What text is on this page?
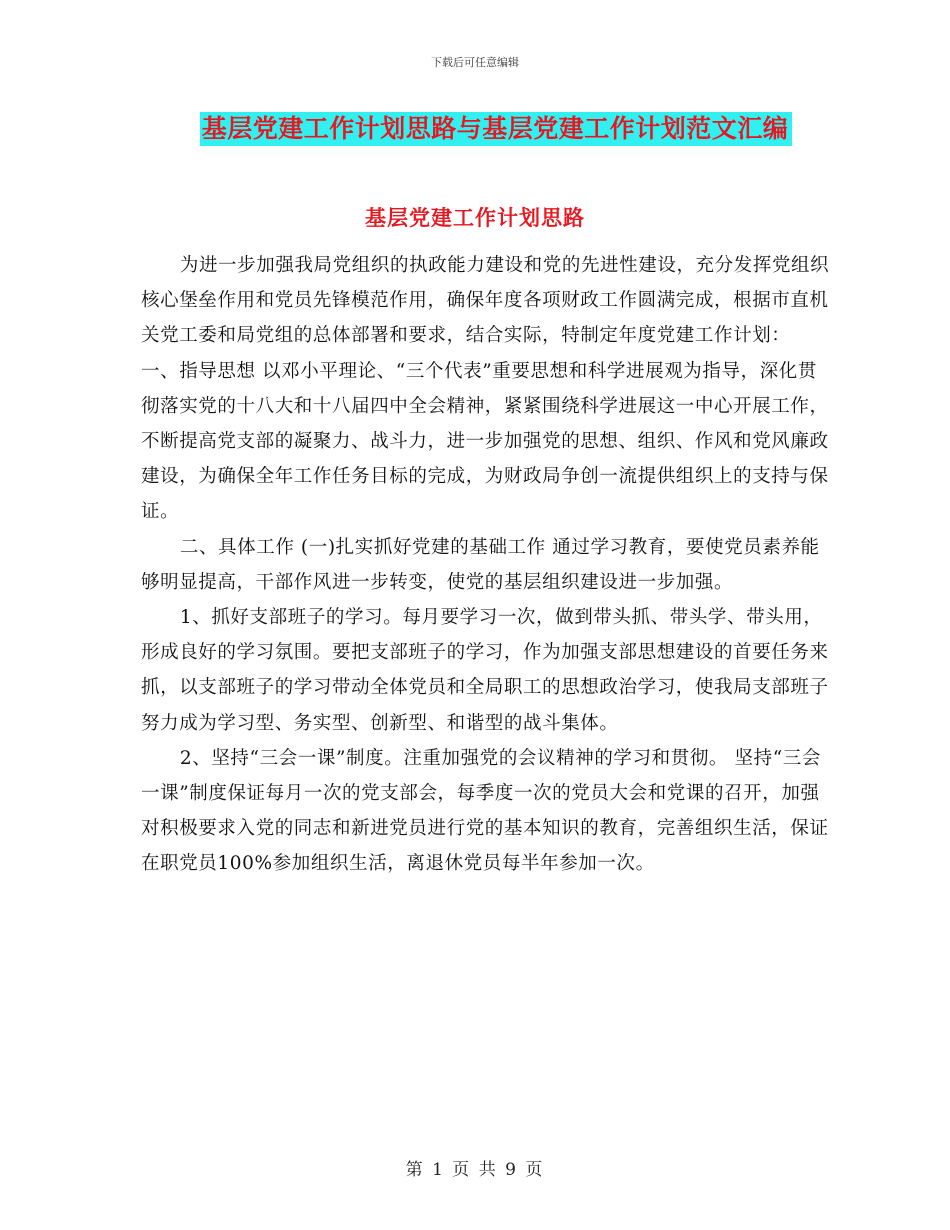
下载后可任意编辑
基层党建工作计划思路与基层党建工作计划范文汇编
基层党建工作计划思路

为进一步加强我局党组织的执政能力建设和党的先进性建设，充分发挥党组织核心堡垒作用和党员先锋模范作用，确保年度各项财政工作圆满完成，根据市直机关党工委和局党组的总体部署和要求，结合实际，特制定年度党建工作计划：  一、指导思想 以邓小平理论、“三个代表”重要思想和科学进展观为指导，深化贯彻落实党的十八大和十八届四中全会精神，紧紧围绕科学进展这一中心开展工作，不断提高党支部的凝聚力、战斗力，进一步加强党的思想、组织、作风和党风廉政建设，为确保全年工作任务目标的完成，为财政局争创一流提供组织上的支持与保证。

二、具体工作 (一)扎实抓好党建的基础工作 通过学习教育，要使党员素养能够明显提高，干部作风进一步转变，使党的基层组织建设进一步加强。

1、抓好支部班子的学习。每月要学习一次，做到带头抓、带头学、带头用，形成良好的学习氛围。要把支部班子的学习，作为加强支部思想建设的首要任务来抓，以支部班子的学习带动全体党员和全局职工的思想政治学习，使我局支部班子努力成为学习型、务实型、创新型、和谐型的战斗集体。

2、坚持“三会一课”制度。注重加强党的会议精神的学习和贯彻。 坚持“三会一课”制度保证每月一次的党支部会，每季度一次的党员大会和党课的召开，加强对积极要求入党的同志和新进党员进行党的基本知识的教育，完善组织生活，保证在职党员100%参加组织生活，离退休党员每半年参加一次。

第 1 页 共 9 页
